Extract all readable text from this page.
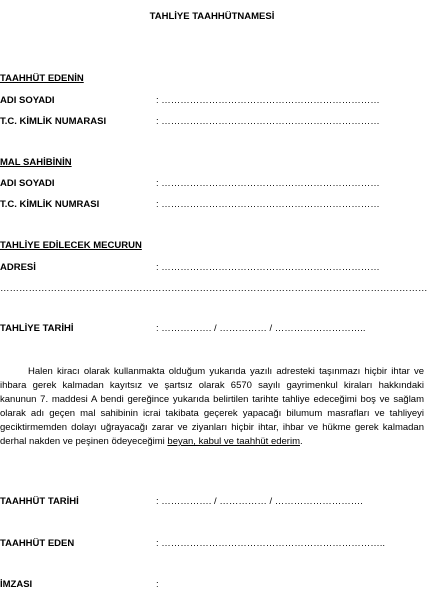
TAHLİYE TAAHHÜTNAMESİ
TAAHHÜT EDENİN
ADI SOYADI	: ……………………………………………………………
T.C. KİMLİK NUMARASI	: ……………………………………………………………
MAL SAHİBİNİN
ADI SOYADI	: ……………………………………………………………
T.C. KİMLİK NUMRASI	: ……………………………………………………………
TAHLİYE EDİLECEK MECURUN
ADRESİ	: ……………………………………………………………
………………………………………………………………………………………………………………………
TAHLİYE TARİHİ	: ……………. / …………… / ………………………..
Halen kiracı olarak kullanmakta olduğum yukarıda yazılı adresteki taşınmazı hiçbir ihtar ve ihbara gerek kalmadan kayıtsız ve şartsız olarak 6570 sayılı gayrimenkul kiraları hakkındaki kanunun 7. maddesi A bendi gereğince yukarıda belirtilen tarihte tahliye edeceğimi boş ve sağlam olarak adı geçen mal sahibinin icrai takibata geçerek yapacağı bilumum masrafları ve tahliyeyi geciktirmemden dolayı uğrayacağı zarar ve ziyanları hiçbir ihtar, ihbar ve hükme gerek kalmadan derhal nakden ve peşinen ödeyeceğimi beyan, kabul ve taahhüt ederim.
TAAHHÜT TARİHİ	: ……………. / …………… / ……………………….
TAAHHÜT EDEN	: ……………………………………………………………..
İMZASI	:
